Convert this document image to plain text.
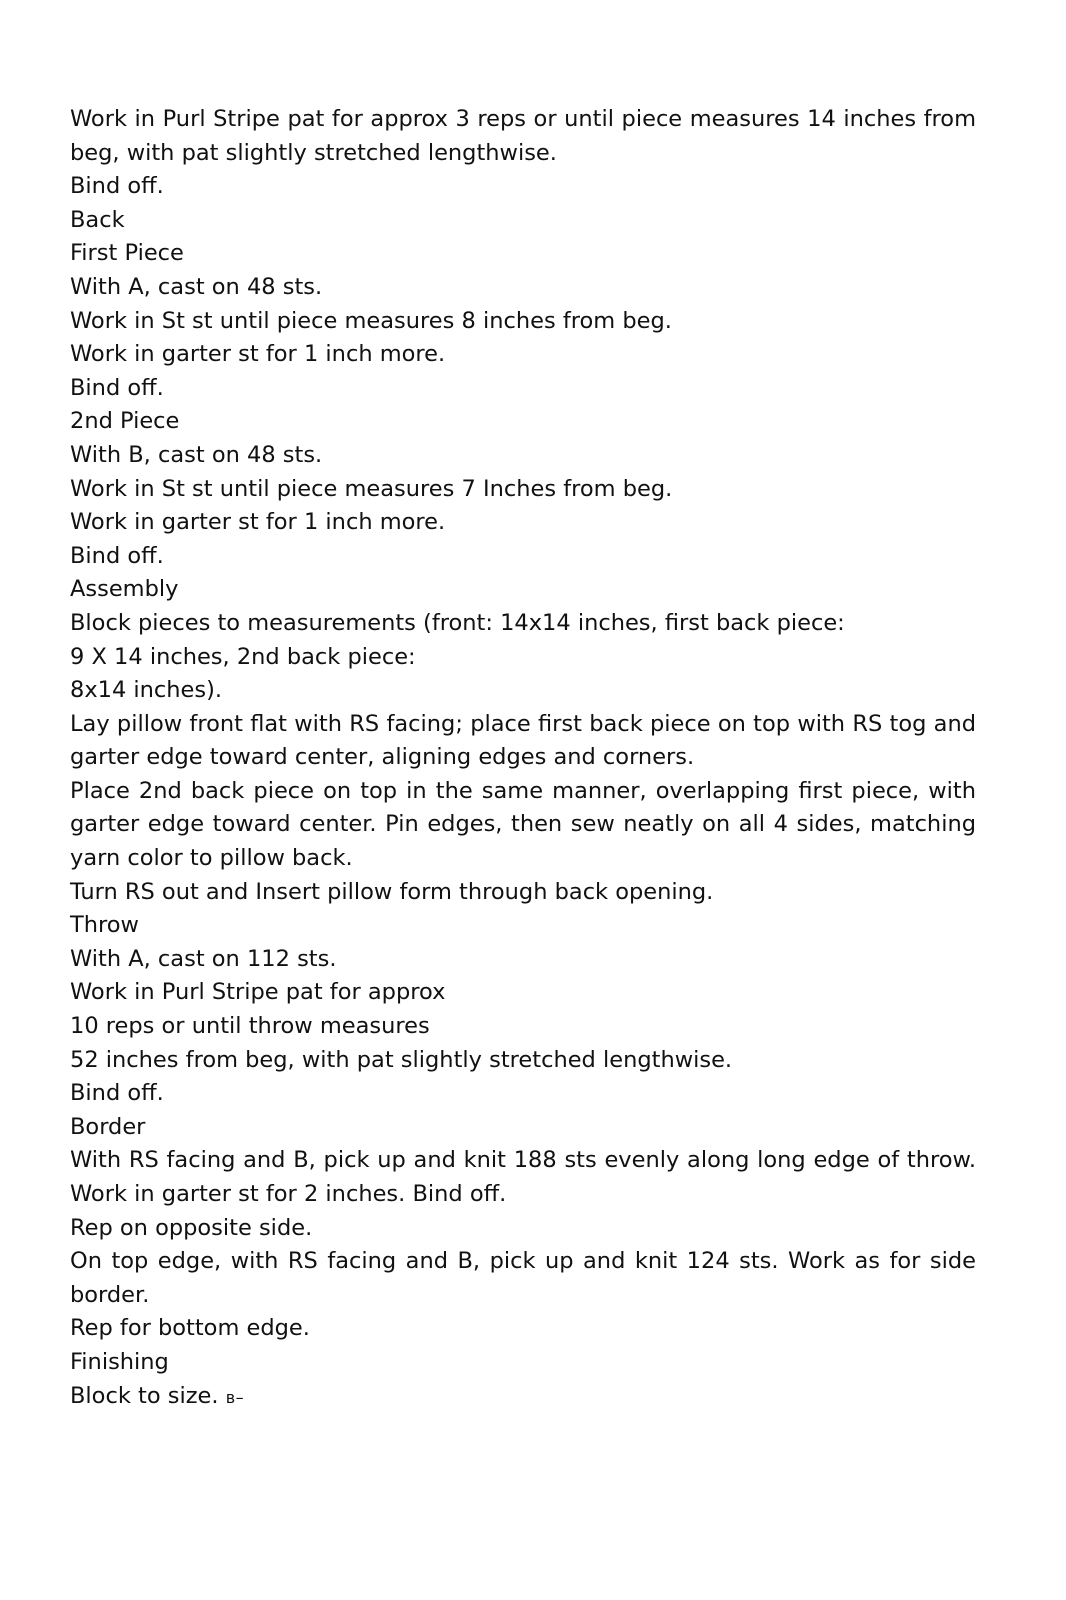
Work in Purl Stripe pat for approx 3 reps or until piece measures 14 inches from beg, with pat slightly stretched lengthwise.

Bind off.
Back
First Piece
With A, cast on 48 sts.
Work in St st until piece measures 8 inches from beg.
Work in garter st for 1 inch more.
Bind off.
2nd Piece
With B, cast on 48 sts.
Work in St st until piece measures 7 Inches from beg.
Work in garter st for 1 inch more.
Bind off.
Assembly
Block pieces to measurements (front: 14x14 inches, first back piece:
9 X 14 inches, 2nd back piece:
8x14 inches).

Lay pillow front flat with RS facing; place first back piece on top with RS tog and garter edge toward center, aligning edges and corners.

Place 2nd back piece on top in the same manner, overlapping first piece, with garter edge toward center. Pin edges, then sew neatly on all 4 sides, matching yarn color to pillow back.

Turn RS out and Insert pillow form through back opening.
Throw
With A, cast on 112 sts.
Work in Purl Stripe pat for approx
10 reps or until throw measures
52 inches from beg, with pat slightly stretched lengthwise.
Bind off.
Border

With RS facing and B, pick up and knit 188 sts evenly along long edge of throw. Work in garter st for 2 inches. Bind off.

Rep on opposite side.

On top edge, with RS facing and B, pick up and knit 124 sts. Work as for side border.

Rep for bottom edge.
Finishing
Block to size. в–
